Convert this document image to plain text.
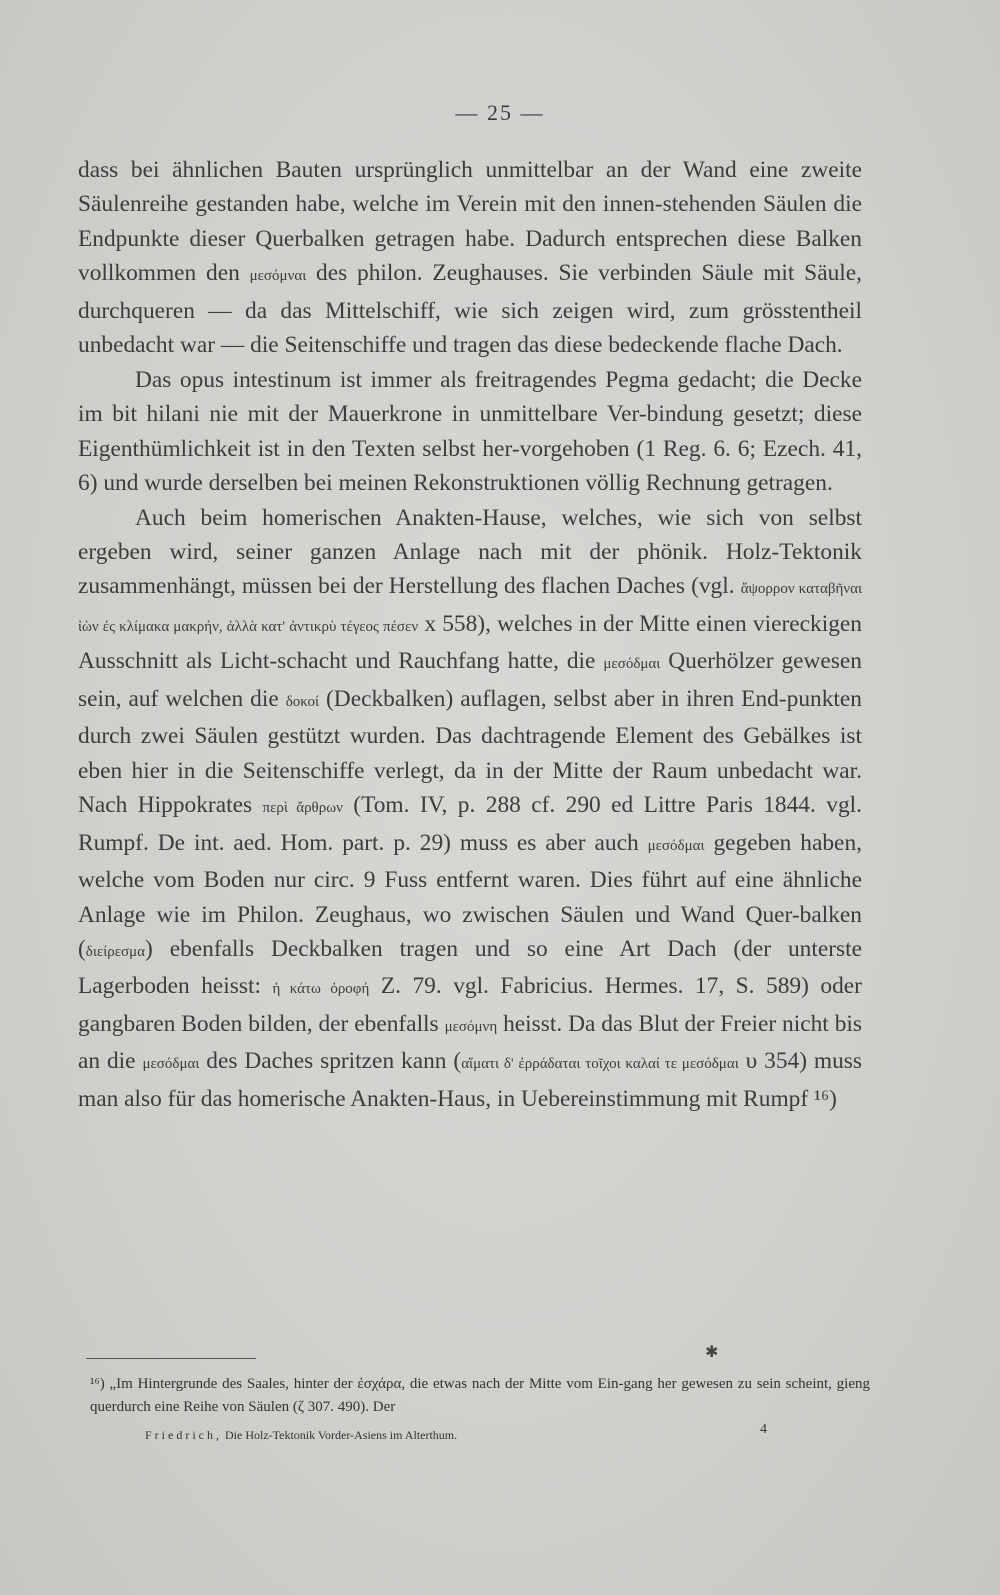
— 25 —

dass bei ähnlichen Bauten ursprünglich unmittelbar an der Wand eine zweite Säulenreihe gestanden habe, welche im Verein mit den innen-stehenden Säulen die Endpunkte dieser Querbalken getragen habe. Dadurch entsprechen diese Balken vollkommen den μεσόμναι des philon. Zeughauses. Sie verbinden Säule mit Säule, durchqueren — da das Mittelschiff, wie sich zeigen wird, zum grösstentheil unbedacht war — die Seitenschiffe und tragen das diese bedeckende flache Dach.

Das opus intestinum ist immer als freitragendes Pegma gedacht; die Decke im bit hilani nie mit der Mauerkrone in unmittelbare Ver-bindung gesetzt; diese Eigenthümlichkeit ist in den Texten selbst her-vorgehoben (1 Reg. 6. 6; Ezech. 41, 6) und wurde derselben bei meinen Rekonstruktionen völlig Rechnung getragen.

Auch beim homerischen Anakten-Hause, welches, wie sich von selbst ergeben wird, seiner ganzen Anlage nach mit der phönik. Holz-Tektonik zusammenhängt, müssen bei der Herstellung des flachen Daches (vgl. ἄψορρον καταβῆναι ἰὼν ἐς κλίμακα μακρήν, ἀλλὰ κατ' ἀντικρὺ τέγεος πέσεν x 558), welches in der Mitte einen viereckigen Ausschnitt als Licht-schacht und Rauchfang hatte, die μεσόδμαι Querhölzer gewesen sein, auf welchen die δοκοί (Deckbalken) auflagen, selbst aber in ihren End-punkten durch zwei Säulen gestützt wurden. Das dachtragende Element des Gebälkes ist eben hier in die Seitenschiffe verlegt, da in der Mitte der Raum unbedacht war. Nach Hippokrates περὶ ἄρθρων (Tom. IV, p. 288 cf. 290 ed Littre Paris 1844. vgl. Rumpf. De int. aed. Hom. part. p. 29) muss es aber auch μεσόδμαι gegeben haben, welche vom Boden nur circ. 9 Fuss entfernt waren. Dies führt auf eine ähnliche Anlage wie im Philon. Zeughaus, wo zwischen Säulen und Wand Quer-balken (διείρεσμα) ebenfalls Deckbalken tragen und so eine Art Dach (der unterste Lagerboden heisst: ἡ κάτω ὀροφή Z. 79. vgl. Fabricius. Hermes. 17, S. 589) oder gangbaren Boden bilden, der ebenfalls μεσόμνη heisst. Da das Blut der Freier nicht bis an die μεσόδμαι des Daches spritzen kann (αἵματι δ' ἐρράδαται τοῖχοι καλαί τε μεσόδμαι υ 354) muss man also für das homerische Anakten-Haus, in Uebereinstimmung mit Rumpf ¹⁶)

✱

¹⁶) „Im Hintergrunde des Saales, hinter der ἐσχάρα, die etwas nach der Mitte vom Ein-gang her gewesen zu sein scheint, gieng querdurch eine Reihe von Säulen (ζ 307. 490). Der

Friedrich, Die Holz-Tektonik Vorder-Asiens im Alterthum.	4
